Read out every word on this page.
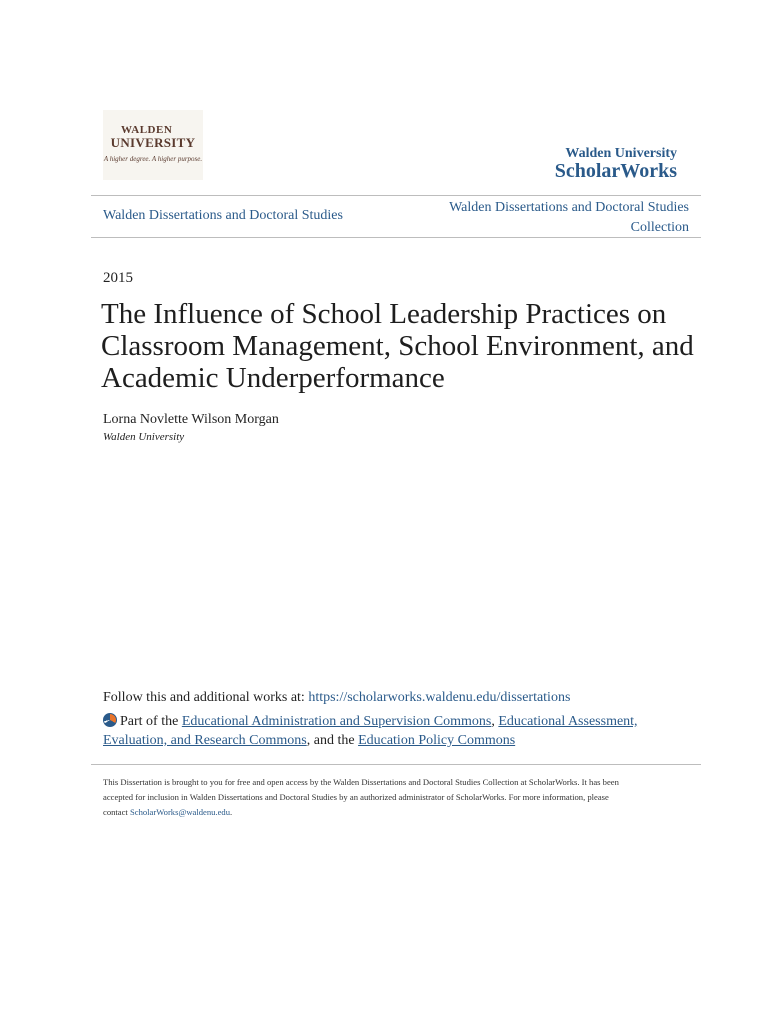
WALDEN
UNIVERSITY
A higher degree. A higher purpose.	Walden University
ScholarWorks
Walden Dissertations and Doctoral Studies
Walden Dissertations and Doctoral Studies
Collection
2015
The Influence of School Leadership Practices on
Classroom Management, School Environment, and
Academic Underperformance
Lorna Novlette Wilson Morgan
Walden University
Follow this and additional works at: https://scholarworks.waldenu.edu/dissertations
Part of the Educational Administration and Supervision Commons, Educational Assessment,
Evaluation, and Research Commons, and the Education Policy Commons
This Dissertation is brought to you for free and open access by the Walden Dissertations and Doctoral Studies Collection at ScholarWorks. It has been
accepted for inclusion in Walden Dissertations and Doctoral Studies by an authorized administrator of ScholarWorks. For more information, please
contact ScholarWorks@waldenu.edu.
